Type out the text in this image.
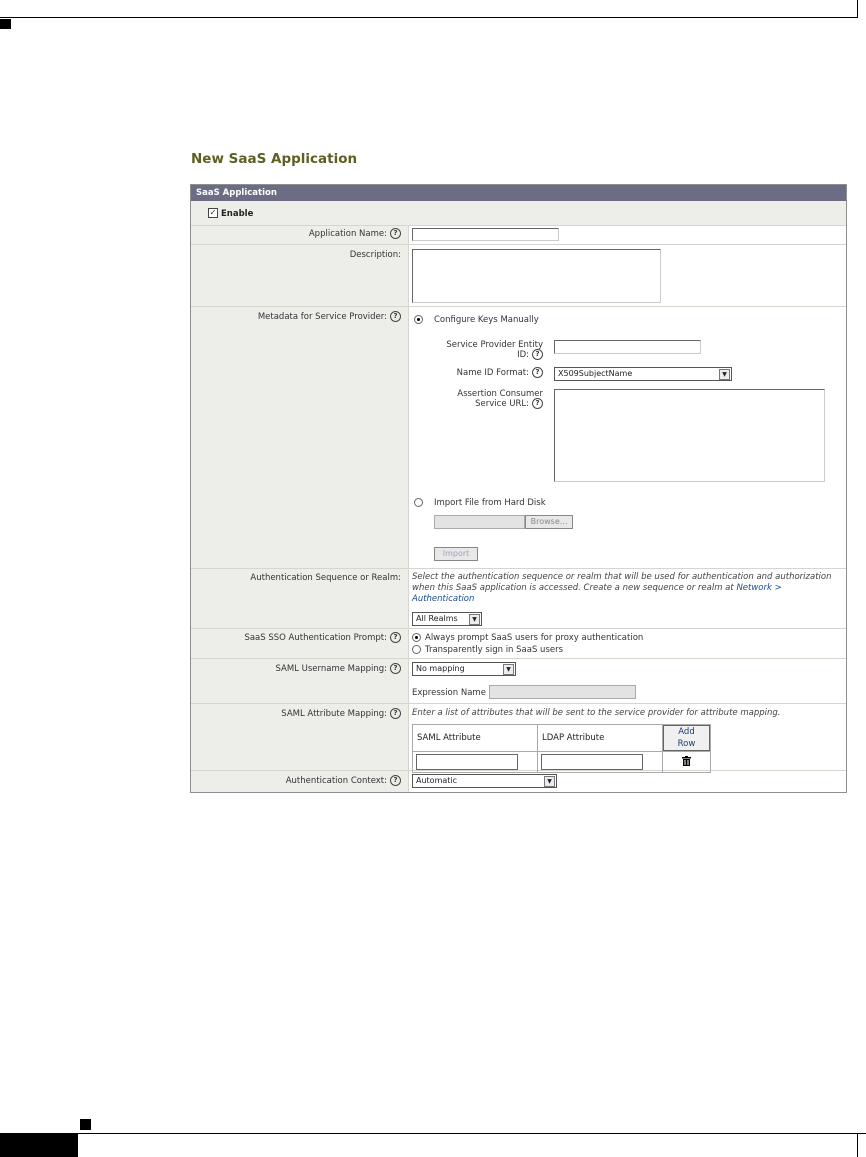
New SaaS Application
SaaS Application
✓ Enable
Application Name: ?
Description:
Metadata for Service Provider: ?	Configure Keys Manually
Service Provider Entity
ID: ?
Name ID Format: ?	X509SubjectName	▼
Assertion Consumer
Service URL: ?
Import File from Hard Disk
Browse...
Import
Authentication Sequence or Realm: Select the authentication sequence or realm that will be used for authentication and authorization when this SaaS application is accessed. Create a new sequence or realm at Network > Authentication
All Realms	▼
SaaS SSO Authentication Prompt: ?	Always prompt SaaS users for proxy authentication
Transparently sign in SaaS users
SAML Username Mapping: ?	No mapping	▼
Expression Name
SAML Attribute Mapping: ?	Enter a list of attributes that will be sent to the service provider for attribute mapping.
SAML Attribute	LDAP Attribute	Add Row

Authentication Context: ?	Automatic	▼
